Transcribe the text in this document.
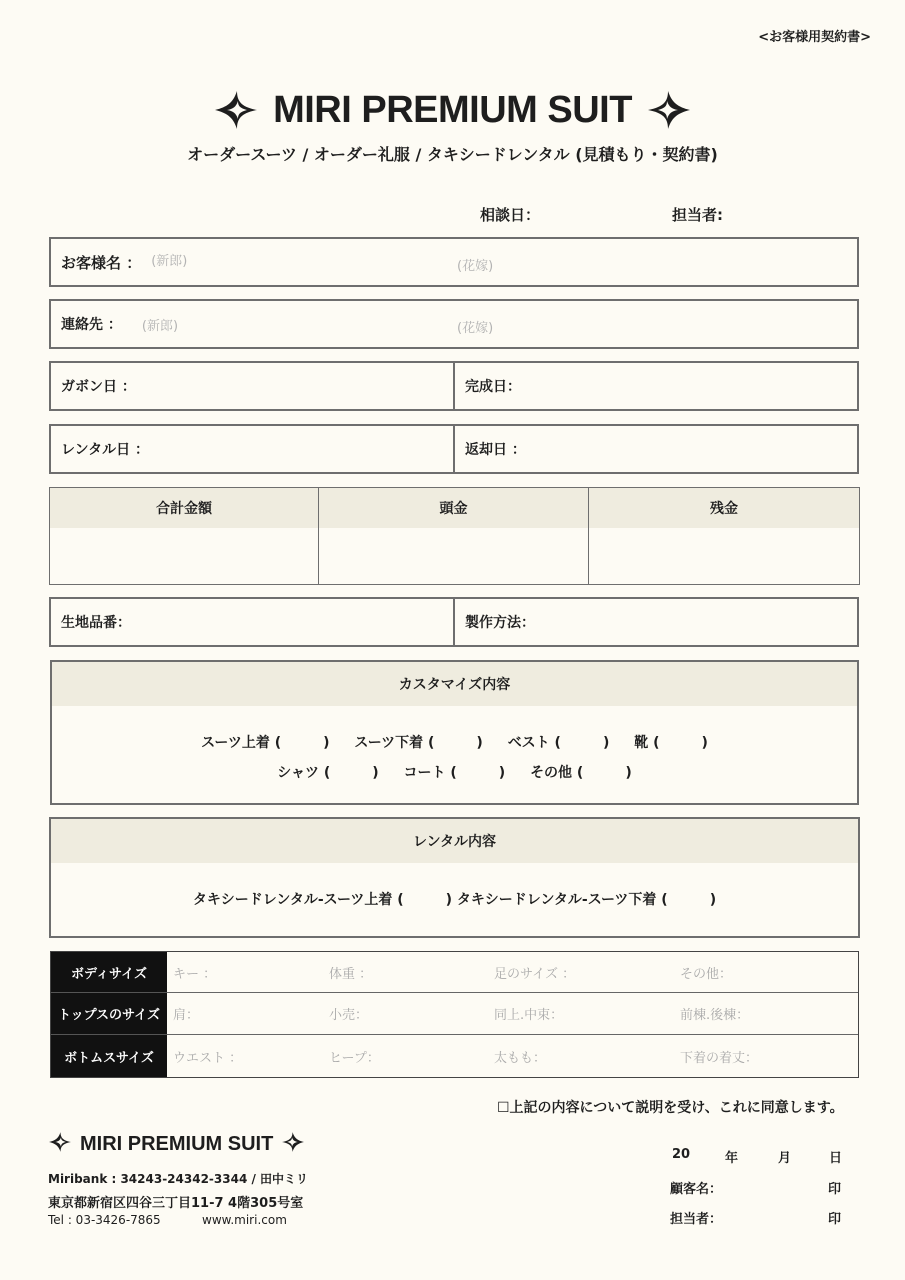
<お客様用契約書>
MIRI PREMIUM SUIT
オーダースーツ / オーダー礼服 / タキシードレンタル (見積もり・契約書)
相談日：	担当者:
お客様名 ： (新郎)	(花嫁)
連絡先 ： (新郎)	(花嫁)
ガボン日 ：	完成日：
レンタル日 ：	返却日 ：
合計金額	頭金	残金
生地品番：	製作方法：
カスタマイズ内容
スーツ上着 (　　　) スーツ下着 (　　　) ベスト (　　　) 靴 (　　　)
シャツ (　　　) コート (　　　) その他 (　　　)
レンタル内容
タキシードレンタル-スーツ上着 (　　　) タキシードレンタル-スーツ下着 (　　　)
ボディサイズ	キー ：	体重 ：	足のサイズ ：	その他：
トップスのサイズ 肩：	小売：	同上.中束：	前棟.後棟：
ボトムスサイズ	ウエスト ：	ヒープ：	太もも：	下着の着丈：
☐上記の内容について説明を受け、これに同意します。
MIRI PREMIUM SUIT
Miribank : 34243-24342-3344 / 田中ミリ
東京都新宿区四谷三丁目11-7 4階305号室
Tel : 03-3426-7865	www.miri.com
20	年	月	日
顧客名：	印
担当者：	印
